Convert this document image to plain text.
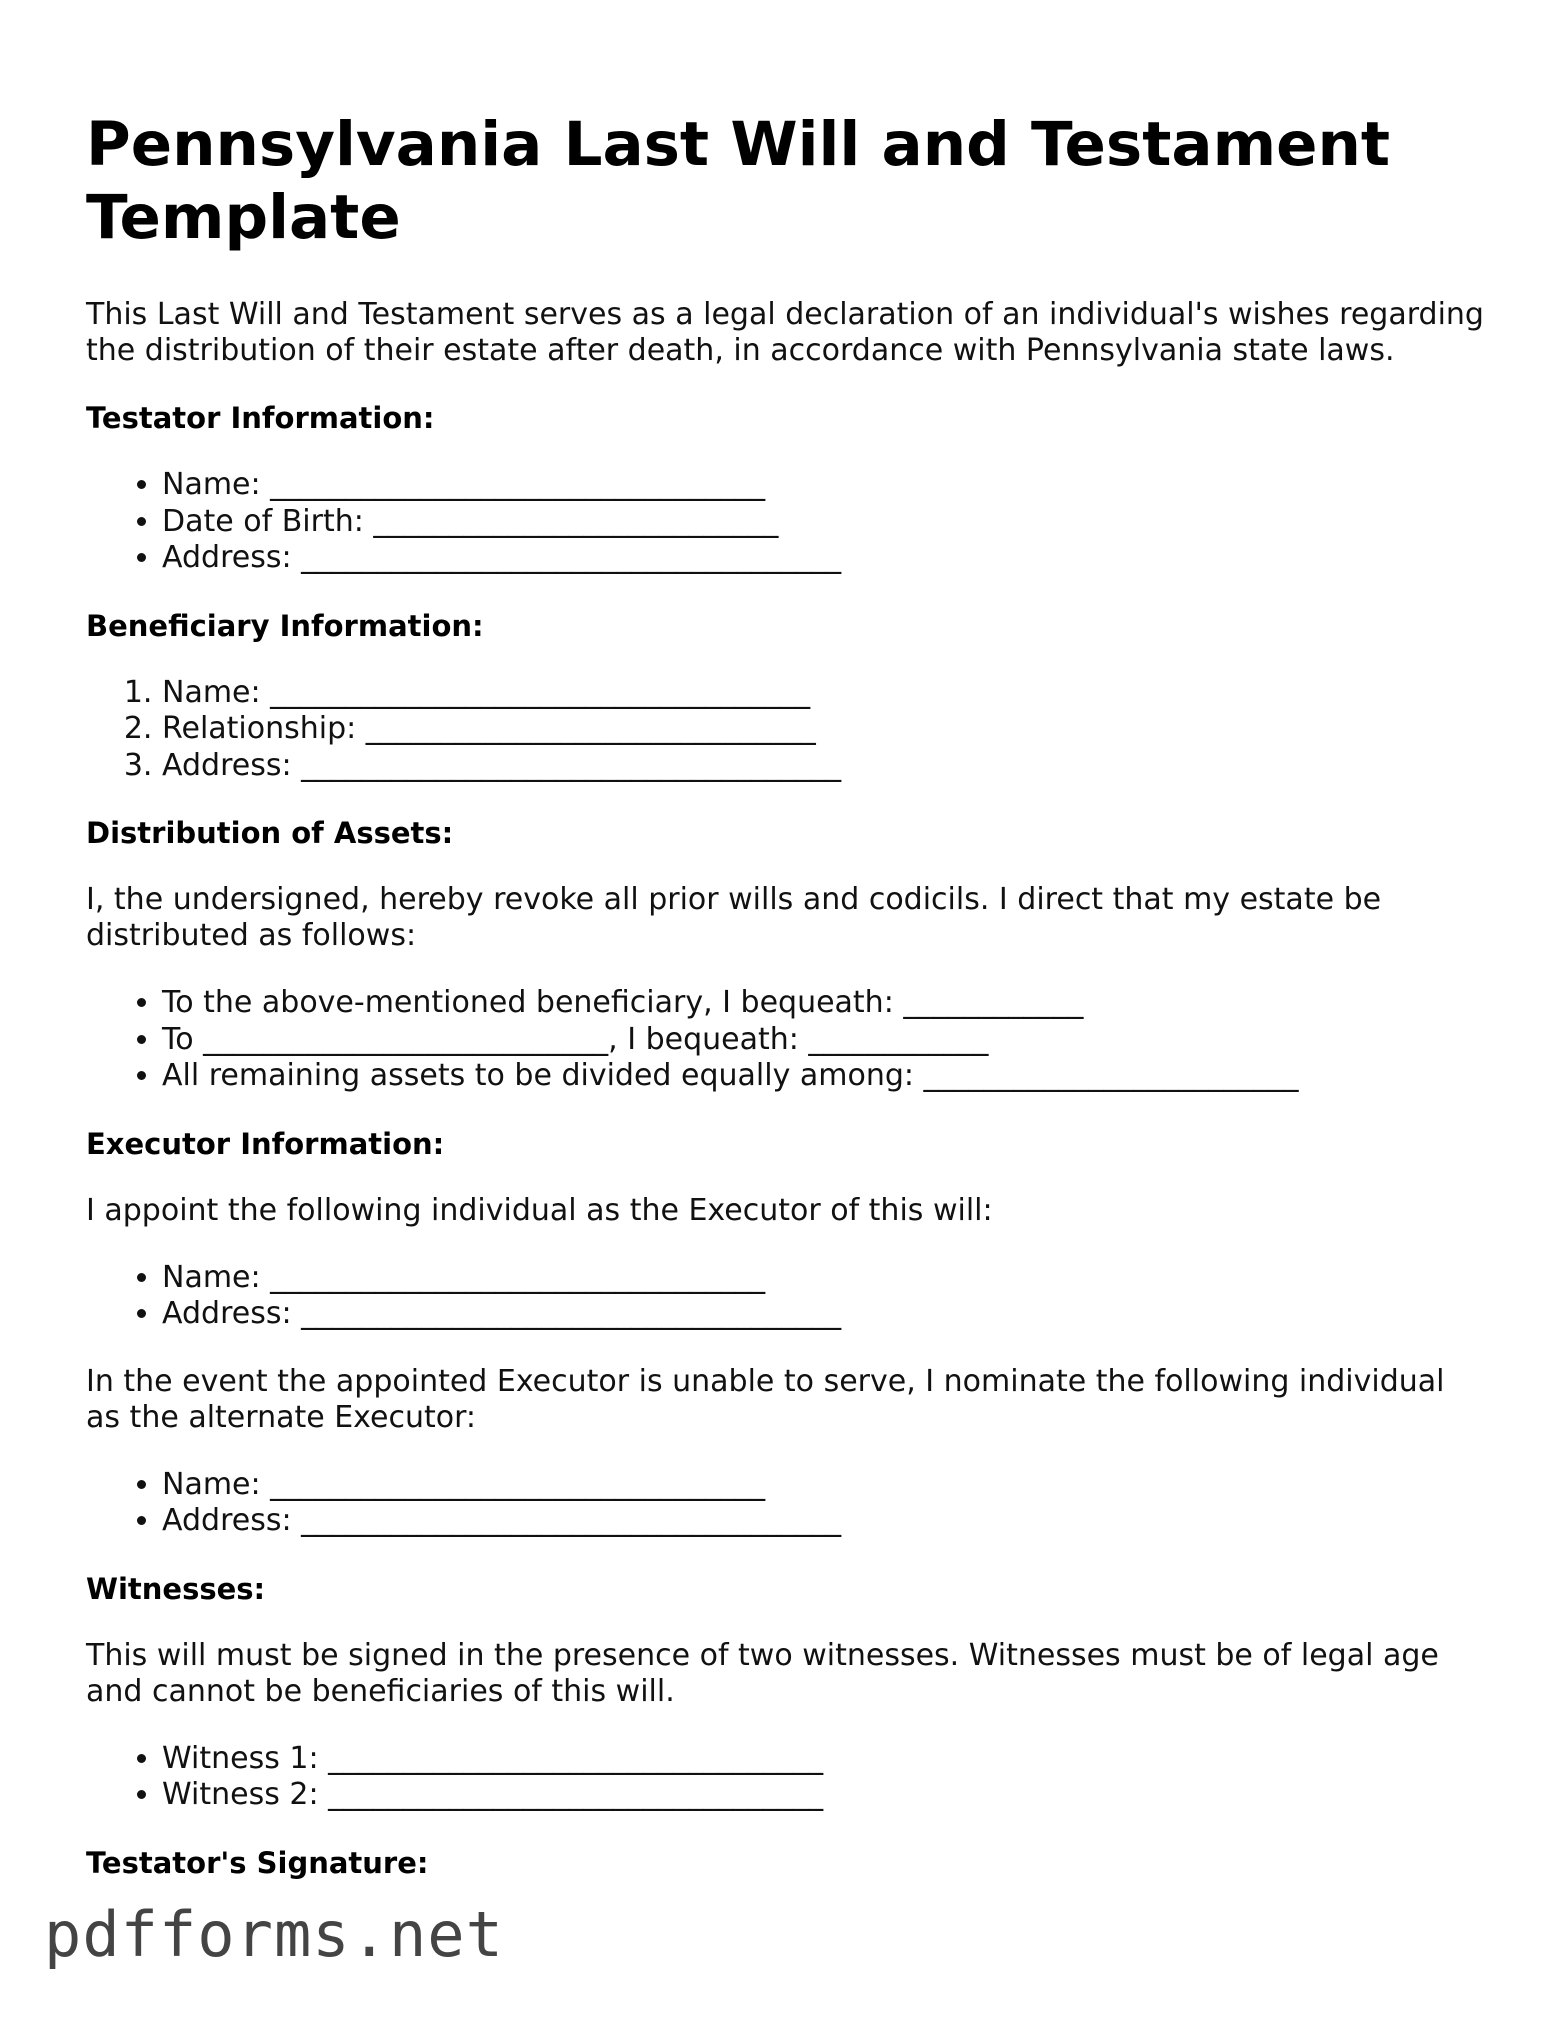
Pennsylvania Last Will and Testament Template

This Last Will and Testament serves as a legal declaration of an individual's wishes regarding the distribution of their estate after death, in accordance with Pennsylvania state laws.

Testator Information:
• Name: _________________________________
• Date of Birth: ___________________________
• Address: ____________________________________
Beneficiary Information:
1. Name: ____________________________________
2. Relationship: ______________________________
3. Address: ____________________________________
Distribution of Assets:

I, the undersigned, hereby revoke all prior wills and codicils. I direct that my estate be distributed as follows:

• To the above-mentioned beneficiary, I bequeath: ____________
• To ___________________________, I bequeath: ____________
• All remaining assets to be divided equally among: _________________________
Executor Information:

I appoint the following individual as the Executor of this will:

• Name: _________________________________
• Address: ____________________________________

In the event the appointed Executor is unable to serve, I nominate the following individual as the alternate Executor:

• Name: _________________________________
• Address: ____________________________________
Witnesses:

This will must be signed in the presence of two witnesses. Witnesses must be of legal age and cannot be beneficiaries of this will.

• Witness 1: _________________________________
• Witness 2: _________________________________
Testator's Signature:
pdfforms.net
